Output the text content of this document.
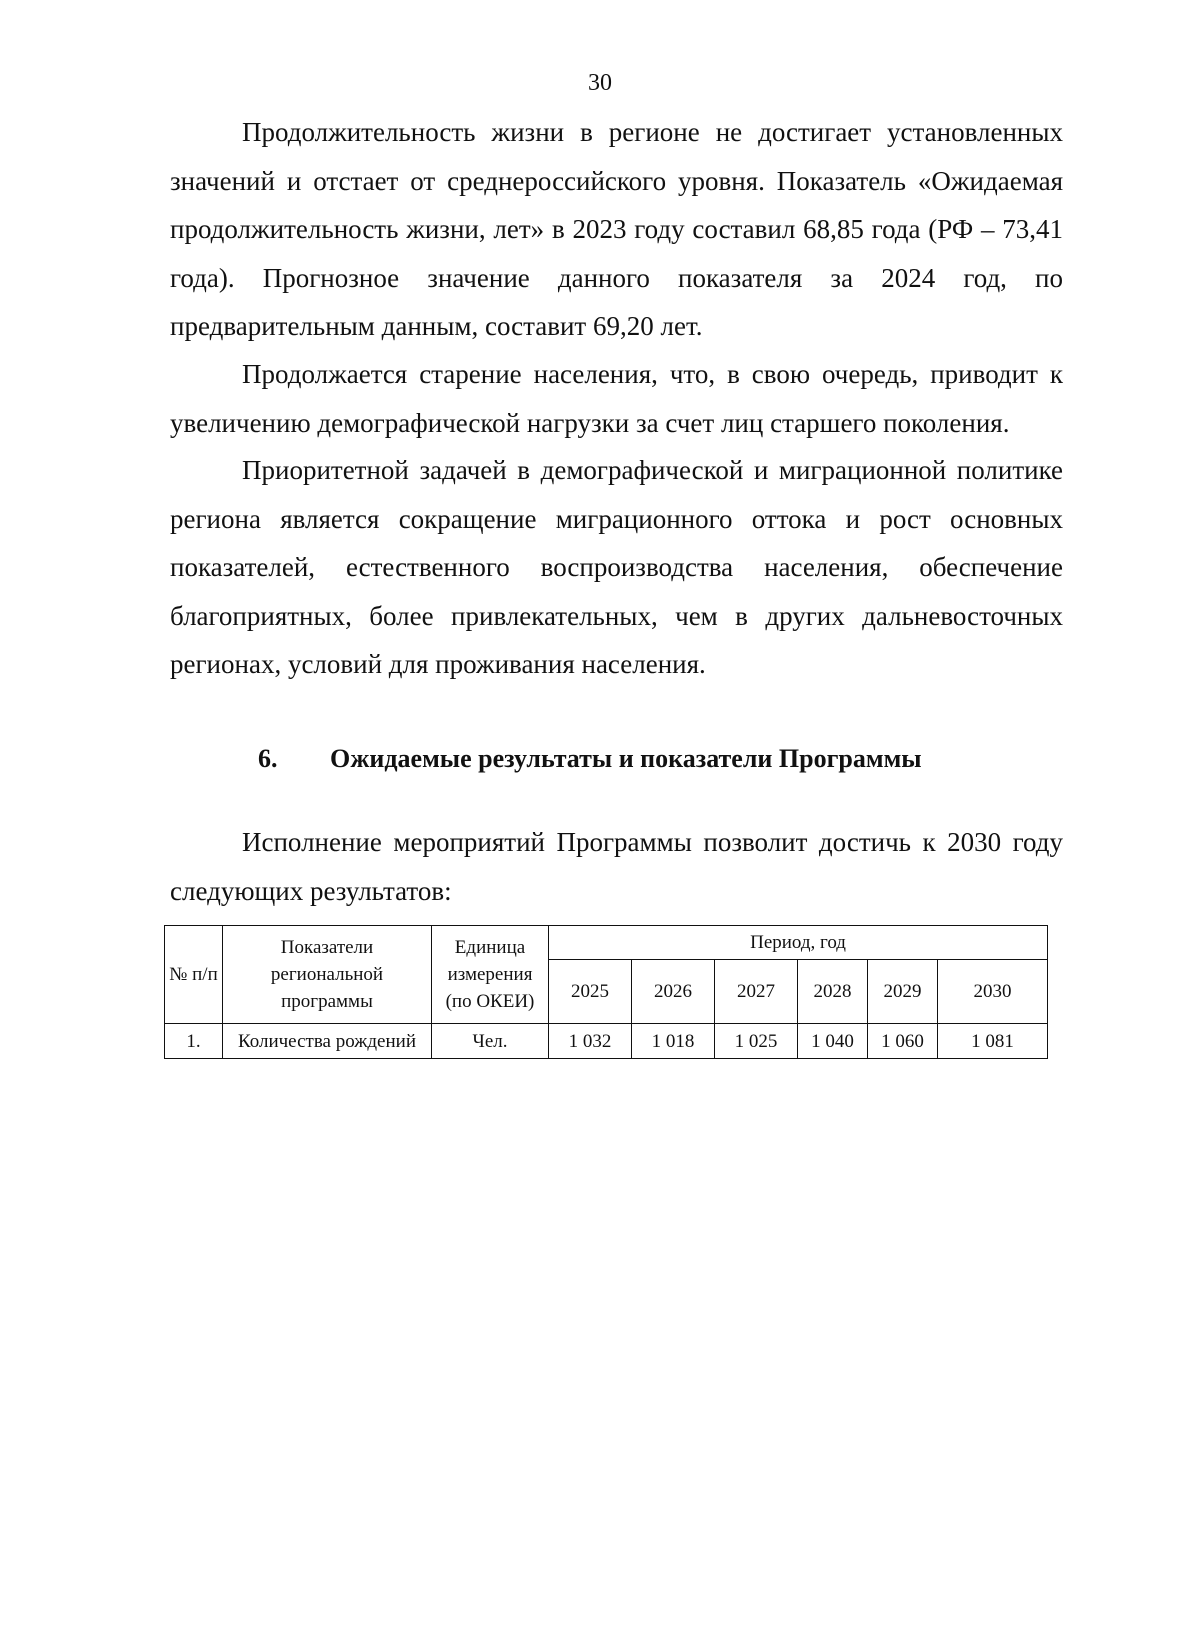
30

Продолжительность жизни в регионе не достигает установленных значений и отстает от среднероссийского уровня. Показатель «Ожидаемая продолжительность жизни, лет» в 2023 году составил 68,85 года (РФ – 73,41 года). Прогнозное значение данного показателя за 2024 год, по предварительным данным, составит 69,20 лет.

Продолжается старение населения, что, в свою очередь, приводит к увеличению демографической нагрузки за счет лиц старшего поколения.

Приоритетной задачей в демографической и миграционной политике региона является сокращение миграционного оттока и рост основных показателей, естественного воспроизводства населения, обеспечение благоприятных, более привлекательных, чем в других дальневосточных регионах, условий для проживания населения.

6. Ожидаемые результаты и показатели Программы

Исполнение мероприятий Программы позволит достичь к 2030 году следующих результатов:

№ п/п	Показатели региональной программы	Единица измерения (по ОКЕИ)	Период, год					
			2025	2026	2027	2028	2029	2030
1.	Количества рождений	Чел.	1 032	1 018	1 025	1 040	1 060	1 081
